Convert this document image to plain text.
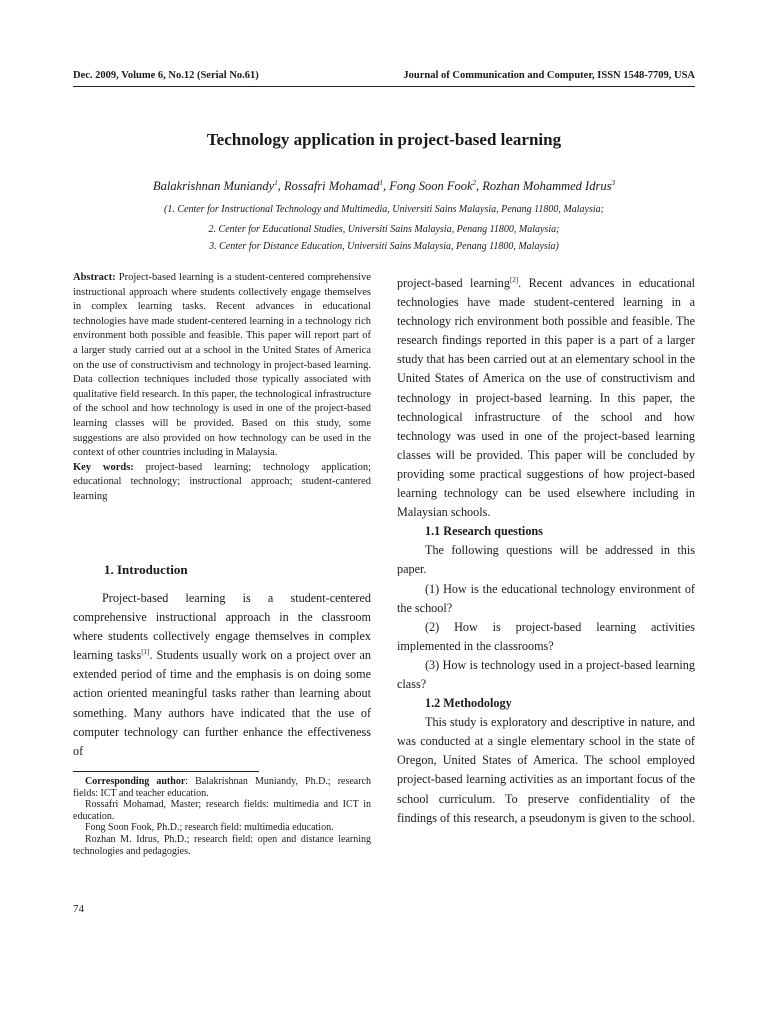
Dec. 2009, Volume 6, No.12 (Serial No.61)	Journal of Communication and Computer, ISSN 1548-7709, USA
Technology application in project-based learning
Balakrishnan Muniandy$^1$, Rossafri Mohamad$^1$, Fong Soon Fook$^2$, Rozhan Mohammed Idrus$^3$
(1. Center for Instructional Technology and Multimedia, Universiti Sains Malaysia, Penang 11800, Malaysia;
2. Center for Educational Studies, Universiti Sains Malaysia, Penang 11800, Malaysia;
3. Center for Distance Education, Universiti Sains Malaysia, Penang 11800, Malaysia)
Abstract: Project-based learning is a student-centered comprehensive instructional approach where students collectively engage themselves in complex learning tasks. Recent advances in educational technologies have made student-centered learning in a technology rich environment both possible and feasible. This paper will report part of a larger study carried out at a school in the United States of America on the use of constructivism and technology in project-based learning. Data collection techniques included those typically associated with qualitative field research. In this paper, the technological infrastructure of the school and how technology is used in one of the project-based learning classes will be provided. Based on this study, some suggestions are also provided on how technology can be used in the context of other countries including in Malaysia.
Key words: project-based learning; technology application; educational technology; instructional approach; student-cantered learning
1. Introduction

Project-based learning is a student-centered comprehensive instructional approach in the classroom where students collectively engage themselves in complex learning tasks[1]. Students usually work on a project over an extended period of time and the emphasis is on doing some action oriented meaningful tasks rather than learning about something. Many authors have indicated that the use of computer technology can further enhance the effectiveness of

Corresponding author: Balakrishnan Muniandy, Ph.D.; research fields: ICT and teacher education.

Rossafri Mohamad, Master; research fields: multimedia and ICT in education.

Fong Soon Fook, Ph.D.; research field: multimedia education.

Rozhan M. Idrus, Ph.D.; research field: open and distance learning technologies and pedagogies.

74

project-based learning[2]. Recent advances in educational technologies have made student-centered learning in a technology rich environment both possible and feasible. The research findings reported in this paper is a part of a larger study that has been carried out at an elementary school in the United States of America on the use of constructivism and technology in project-based learning. In this paper, the technological infrastructure of the school and how technology was used in one of the project-based learning classes will be provided. This paper will be concluded by providing some practical suggestions of how project-based learning technology can be used elsewhere including in Malaysian schools.

1.1 Research questions

The following questions will be addressed in this paper.

(1) How is the educational technology environment of the school?

(2) How is project-based learning activities implemented in the classrooms?

(3) How is technology used in a project-based learning class?

1.2 Methodology

This study is exploratory and descriptive in nature, and was conducted at a single elementary school in the state of Oregon, United States of America. The school employed project-based learning activities as an important focus of the school curriculum. To preserve confidentiality of the findings of this research, a pseudonym is given to the school.
